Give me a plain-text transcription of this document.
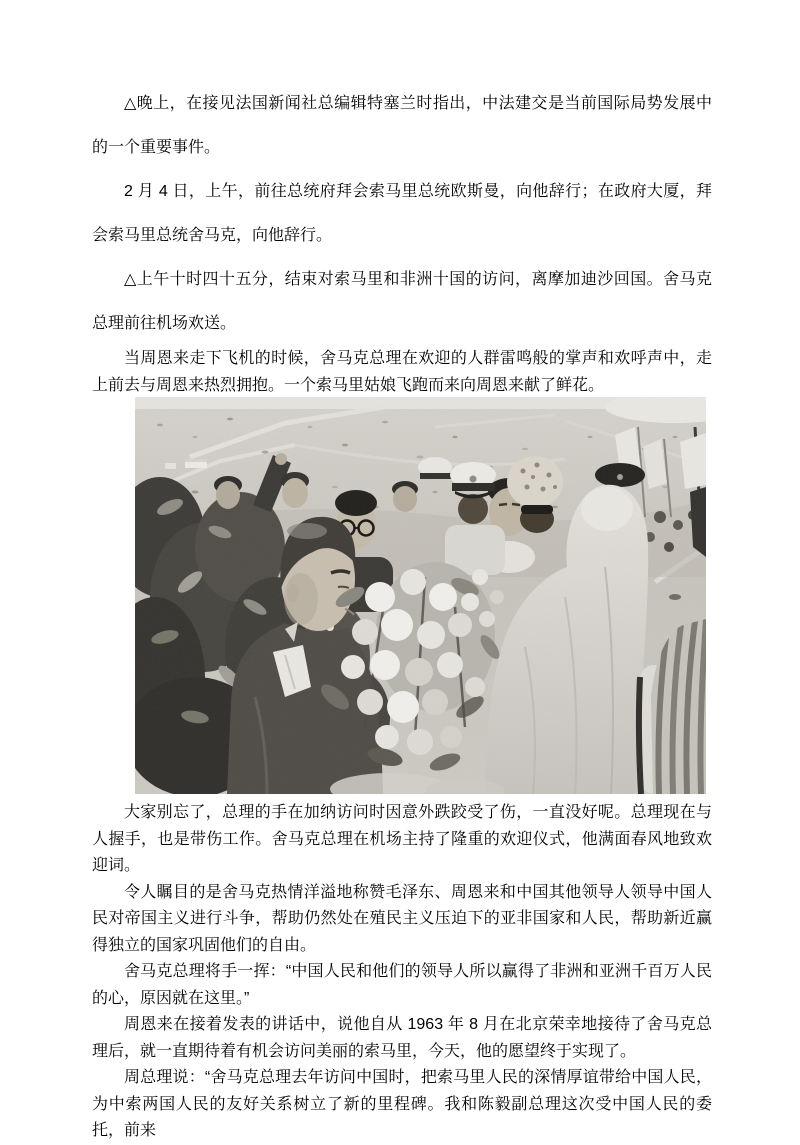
△晚上，在接见法国新闻社总编辑特塞兰时指出，中法建交是当前国际局势发展中的一个重要事件。

2 月 4 日，上午，前往总统府拜会索马里总统欧斯曼，向他辞行；在政府大厦，拜会索马里总统舍马克，向他辞行。

△上午十时四十五分，结束对索马里和非洲十国的访问，离摩加迪沙回国。舍马克总理前往机场欢送。

当周恩来走下飞机的时候，舍马克总理在欢迎的人群雷鸣般的掌声和欢呼声中，走上前去与周恩来热烈拥抱。一个索马里姑娘飞跑而来向周恩来献了鲜花。

大家别忘了，总理的手在加纳访问时因意外跌跤受了伤，一直没好呢。总理现在与人握手，也是带伤工作。舍马克总理在机场主持了隆重的欢迎仪式，他满面春风地致欢迎词。

令人瞩目的是舍马克热情洋溢地称赞毛泽东、周恩来和中国其他领导人领导中国人民对帝国主义进行斗争，帮助仍然处在殖民主义压迫下的亚非国家和人民，帮助新近赢得独立的国家巩固他们的自由。

舍马克总理将手一挥：“中国人民和他们的领导人所以赢得了非洲和亚洲千百万人民的心，原因就在这里。”

周恩来在接着发表的讲话中，说他自从 1963 年 8 月在北京荣幸地接待了舍马克总理后，就一直期待着有机会访问美丽的索马里，今天，他的愿望终于实现了。

周总理说：“舍马克总理去年访问中国时，把索马里人民的深情厚谊带给中国人民，为中索两国人民的友好关系树立了新的里程碑。我和陈毅副总理这次受中国人民的委托，前来
